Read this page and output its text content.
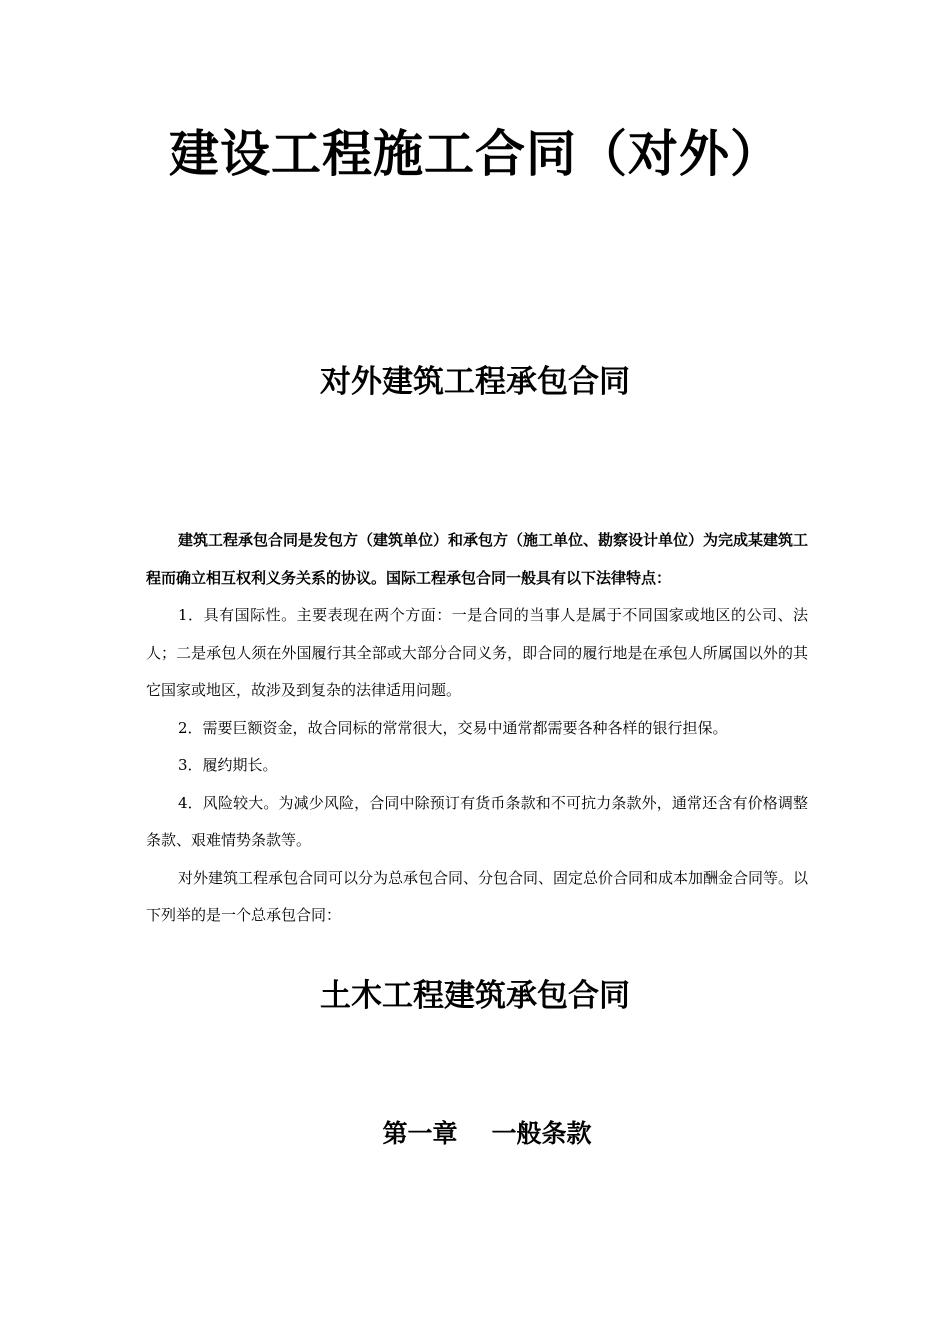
建设工程施工合同（对外）
对外建筑工程承包合同

建筑工程承包合同是发包方（建筑单位）和承包方（施工单位、勘察设计单位）为完成某建筑工程而确立相互权利义务关系的协议。国际工程承包合同一般具有以下法律特点：

1．具有国际性。主要表现在两个方面：一是合同的当事人是属于不同国家或地区的公司、法人；二是承包人须在外国履行其全部或大部分合同义务，即合同的履行地是在承包人所属国以外的其它国家或地区，故涉及到复杂的法律适用问题。

2．需要巨额资金，故合同标的常常很大，交易中通常都需要各种各样的银行担保。

3．履约期长。

4．风险较大。为减少风险，合同中除预订有货币条款和不可抗力条款外，通常还含有价格调整条款、艰难情势条款等。

对外建筑工程承包合同可以分为总承包合同、分包合同、固定总价合同和成本加酬金合同等。以下列举的是一个总承包合同：

土木工程建筑承包合同
第一章 一般条款
